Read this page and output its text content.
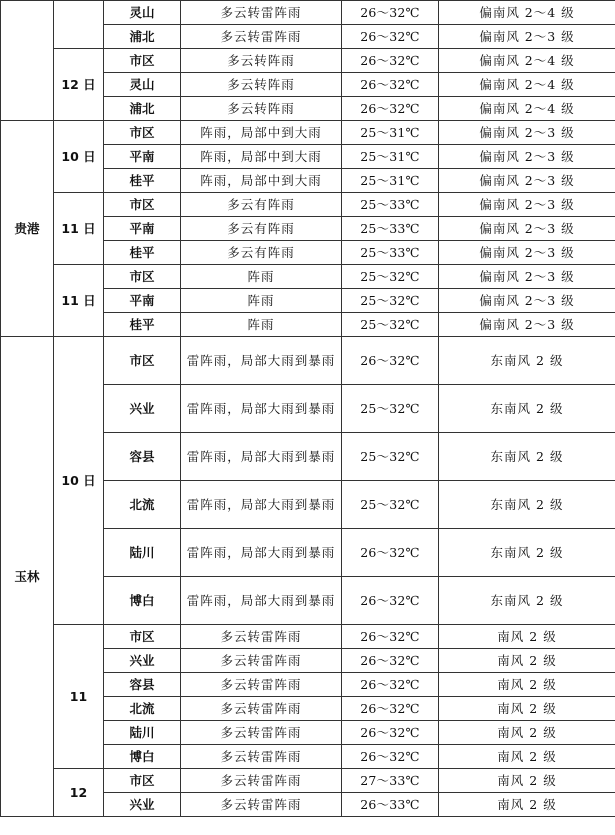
		灵山	多云转雷阵雨	26～32℃	偏南风 2～4 级
		浦北	多云转雷阵雨	26～32℃	偏南风 2～3 级
	12 日	市区	多云转阵雨	26～32℃	偏南风 2～4 级
		灵山	多云转阵雨	26～32℃	偏南风 2～4 级
		浦北	多云转阵雨	26～32℃	偏南风 2～4 级
贵港	10 日	市区	阵雨，局部中到大雨	25～31℃	偏南风 2～3 级
		平南	阵雨，局部中到大雨	25～31℃	偏南风 2～3 级
		桂平	阵雨，局部中到大雨	25～31℃	偏南风 2～3 级
	11 日	市区	多云有阵雨	25～33℃	偏南风 2～3 级
		平南	多云有阵雨	25～33℃	偏南风 2～3 级
		桂平	多云有阵雨	25～33℃	偏南风 2～3 级
	11 日	市区	阵雨	25～32℃	偏南风 2～3 级
		平南	阵雨	25～32℃	偏南风 2～3 级
		桂平	阵雨	25～32℃	偏南风 2～3 级
玉林	10 日	市区	雷阵雨，局部大雨到暴雨	26～32℃	东南风 2 级
		兴业	雷阵雨，局部大雨到暴雨	25～32℃	东南风 2 级
		容县	雷阵雨，局部大雨到暴雨	25～32℃	东南风 2 级
		北流	雷阵雨，局部大雨到暴雨	25～32℃	东南风 2 级
		陆川	雷阵雨，局部大雨到暴雨	26～32℃	东南风 2 级
		博白	雷阵雨，局部大雨到暴雨	26～32℃	东南风 2 级
	11	市区	多云转雷阵雨	26～32℃	南风 2 级
		兴业	多云转雷阵雨	26～32℃	南风 2 级
		容县	多云转雷阵雨	26～32℃	南风 2 级
		北流	多云转雷阵雨	26～32℃	南风 2 级
		陆川	多云转雷阵雨	26～32℃	南风 2 级
		博白	多云转雷阵雨	26～32℃	南风 2 级
	12	市区	多云转雷阵雨	27～33℃	南风 2 级
		兴业	多云转雷阵雨	26～33℃	南风 2 级
